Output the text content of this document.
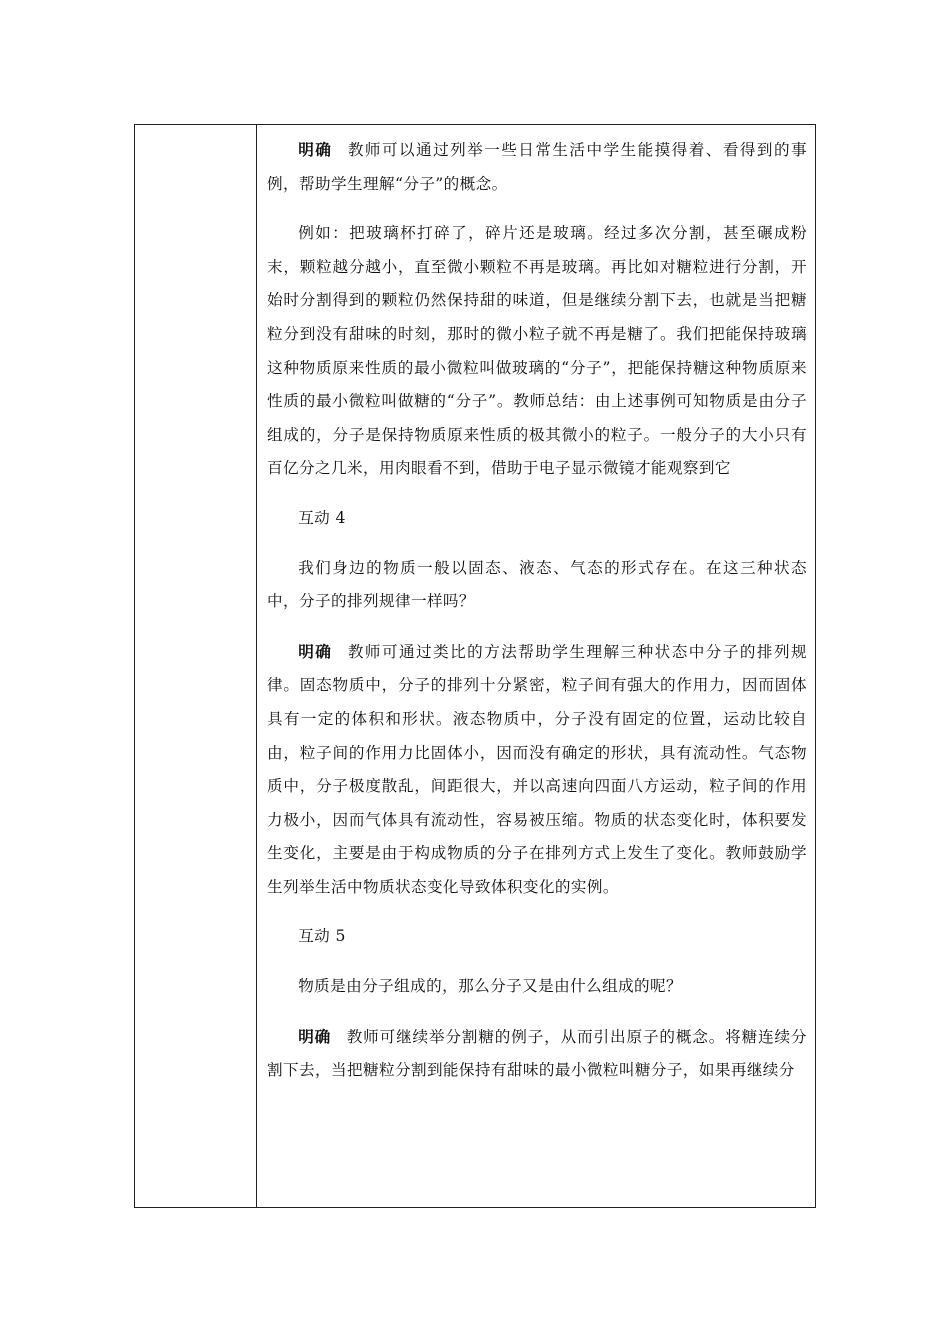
明确 教师可以通过列举一些日常生活中学生能摸得着、看得到的事例，帮助学生理解“分子”的概念。

例如：把玻璃杯打碎了，碎片还是玻璃。经过多次分割，甚至碾成粉末，颗粒越分越小，直至微小颗粒不再是玻璃。再比如对糖粒进行分割，开始时分割得到的颗粒仍然保持甜的味道，但是继续分割下去，也就是当把糖粒分到没有甜味的时刻，那时的微小粒子就不再是糖了。我们把能保持玻璃这种物质原来性质的最小微粒叫做玻璃的“分子”，把能保持糖这种物质原来性质的最小微粒叫做糖的“分子”。教师总结：由上述事例可知物质是由分子组成的，分子是保持物质原来性质的极其微小的粒子。一般分子的大小只有百亿分之几米，用肉眼看不到，借助于电子显示微镜才能观察到它

互动 4

我们身边的物质一般以固态、液态、气态的形式存在。在这三种状态中，分子的排列规律一样吗？

明确 教师可通过类比的方法帮助学生理解三种状态中分子的排列规律。固态物质中，分子的排列十分紧密，粒子间有强大的作用力，因而固体具有一定的体积和形状。液态物质中，分子没有固定的位置，运动比较自由，粒子间的作用力比固体小，因而没有确定的形状，具有流动性。气态物质中，分子极度散乱，间距很大，并以高速向四面八方运动，粒子间的作用力极小，因而气体具有流动性，容易被压缩。物质的状态变化时，体积要发生变化，主要是由于构成物质的分子在排列方式上发生了变化。教师鼓励学生列举生活中物质状态变化导致体积变化的实例。

互动 5

物质是由分子组成的，那么分子又是由什么组成的呢？

明确 教师可继续举分割糖的例子，从而引出原子的概念。将糖连续分割下去，当把糖粒分割到能保持有甜味的最小微粒叫糖分子，如果再继续分
